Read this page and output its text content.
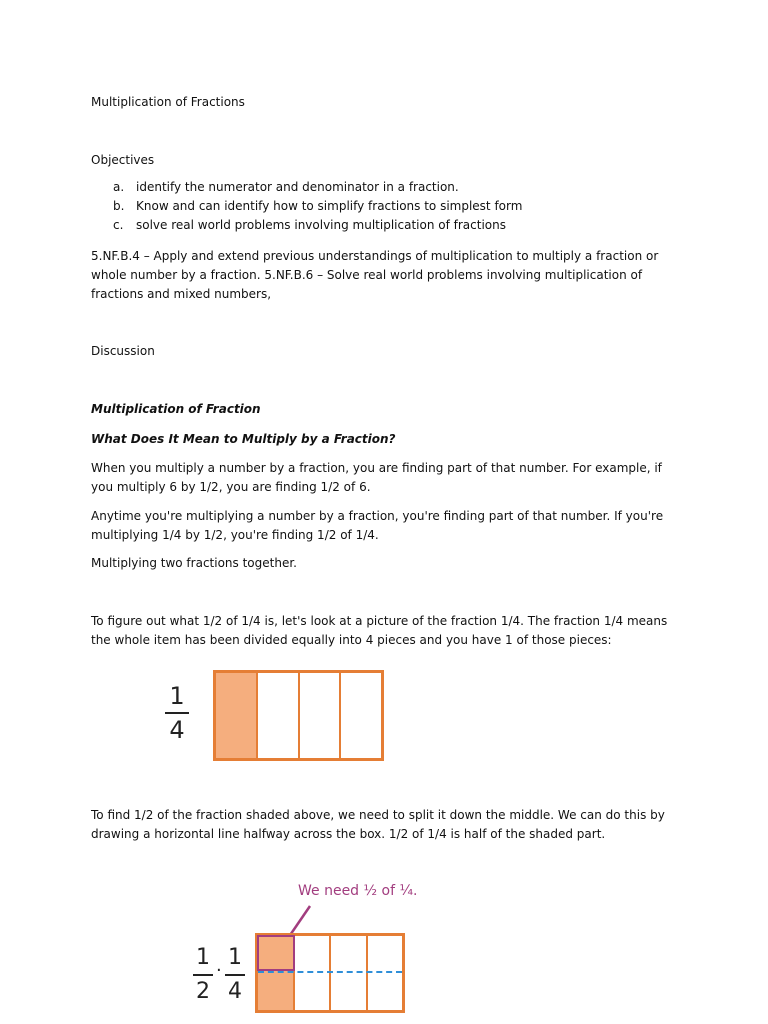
Multiplication of Fractions
Objectives
a. identify the numerator and denominator in a fraction.
b. Know and can identify how to simplify fractions to simplest form
c.	solve real world problems involving multiplication of fractions
5.NF.B.4 – Apply and extend previous understandings of multiplication to multiply a fraction or whole number by a fraction. 5.NF.B.6 – Solve real world problems involving multiplication of fractions and mixed numbers,
Discussion
Multiplication of Fraction
What Does It Mean to Multiply by a Fraction?
When you multiply a number by a fraction, you are finding part of that number. For example, if you multiply 6 by 1/2, you are finding 1/2 of 6.
Anytime you're multiplying a number by a fraction, you're finding part of that number. If you're multiplying 1/4 by 1/2, you're finding 1/2 of 1/4.
Multiplying two fractions together.
To figure out what 1/2 of 1/4 is, let's look at a picture of the fraction 1/4. The fraction 1/4 means the whole item has been divided equally into 4 pieces and you have 1 of those pieces:
1
4
To find 1/2 of the fraction shaded above, we need to split it down the middle. We can do this by drawing a horizontal line halfway across the box. 1/2 of 1/4 is half of the shaded part.
We need ½ of ¼.
1
2
·
1
4
